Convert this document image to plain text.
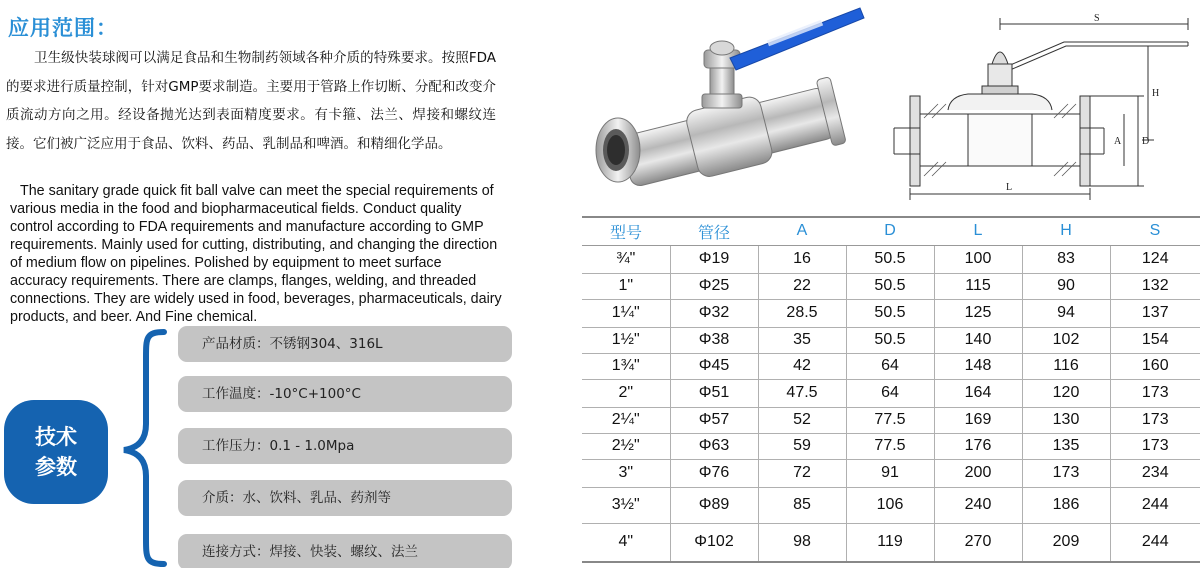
应用范围：

卫生级快装球阀可以满足食品和生物制药领域各种介质的特殊要求。按照FDA的要求进行质量控制，针对GMP要求制造。主要用于管路上作切断、分配和改变介质流动方向之用。经设备抛光达到表面精度要求。有卡箍、法兰、焊接和螺纹连接。它们被广泛应用于食品、饮料、药品、乳制品和啤酒。和精细化学品。

The sanitary grade quick fit ball valve can meet the special requirements of various media in the food and biopharmaceutical fields. Conduct quality control according to FDA requirements and manufacture according to GMP requirements. Mainly used for cutting, distributing, and changing the direction of medium flow on pipelines. Polished by equipment to meet surface accuracy requirements. There are clamps, flanges, welding, and threaded connections. They are widely used in food, beverages, pharmaceuticals, dairy products, and beer. And Fine chemical.

技术
参数
产品材质：不锈钢304、316L
工作温度：-10°C+100°C
工作压力：0.1 - 1.0Mpa
介质：水、饮料、乳品、药剂等
连接方式：焊接、快装、螺纹、法兰
S
H
A D
L
型号	管径	A	D	L	H	S
¾"	Φ19	16	50.5	100	83	124
1"	Φ25	22	50.5	115	90	132
1¼"	Φ32	28.5	50.5	125	94	137
1½"	Φ38	35	50.5	140	102	154
1¾"	Φ45	42	64	148	116	160
2"	Φ51	47.5	64	164	120	173
2¼"	Φ57	52	77.5	169	130	173
2½"	Φ63	59	77.5	176	135	173
3"	Φ76	72	91	200	173	234
3½"	Φ89	85	106	240	186	244
4"	Φ102	98	119	270	209	244
